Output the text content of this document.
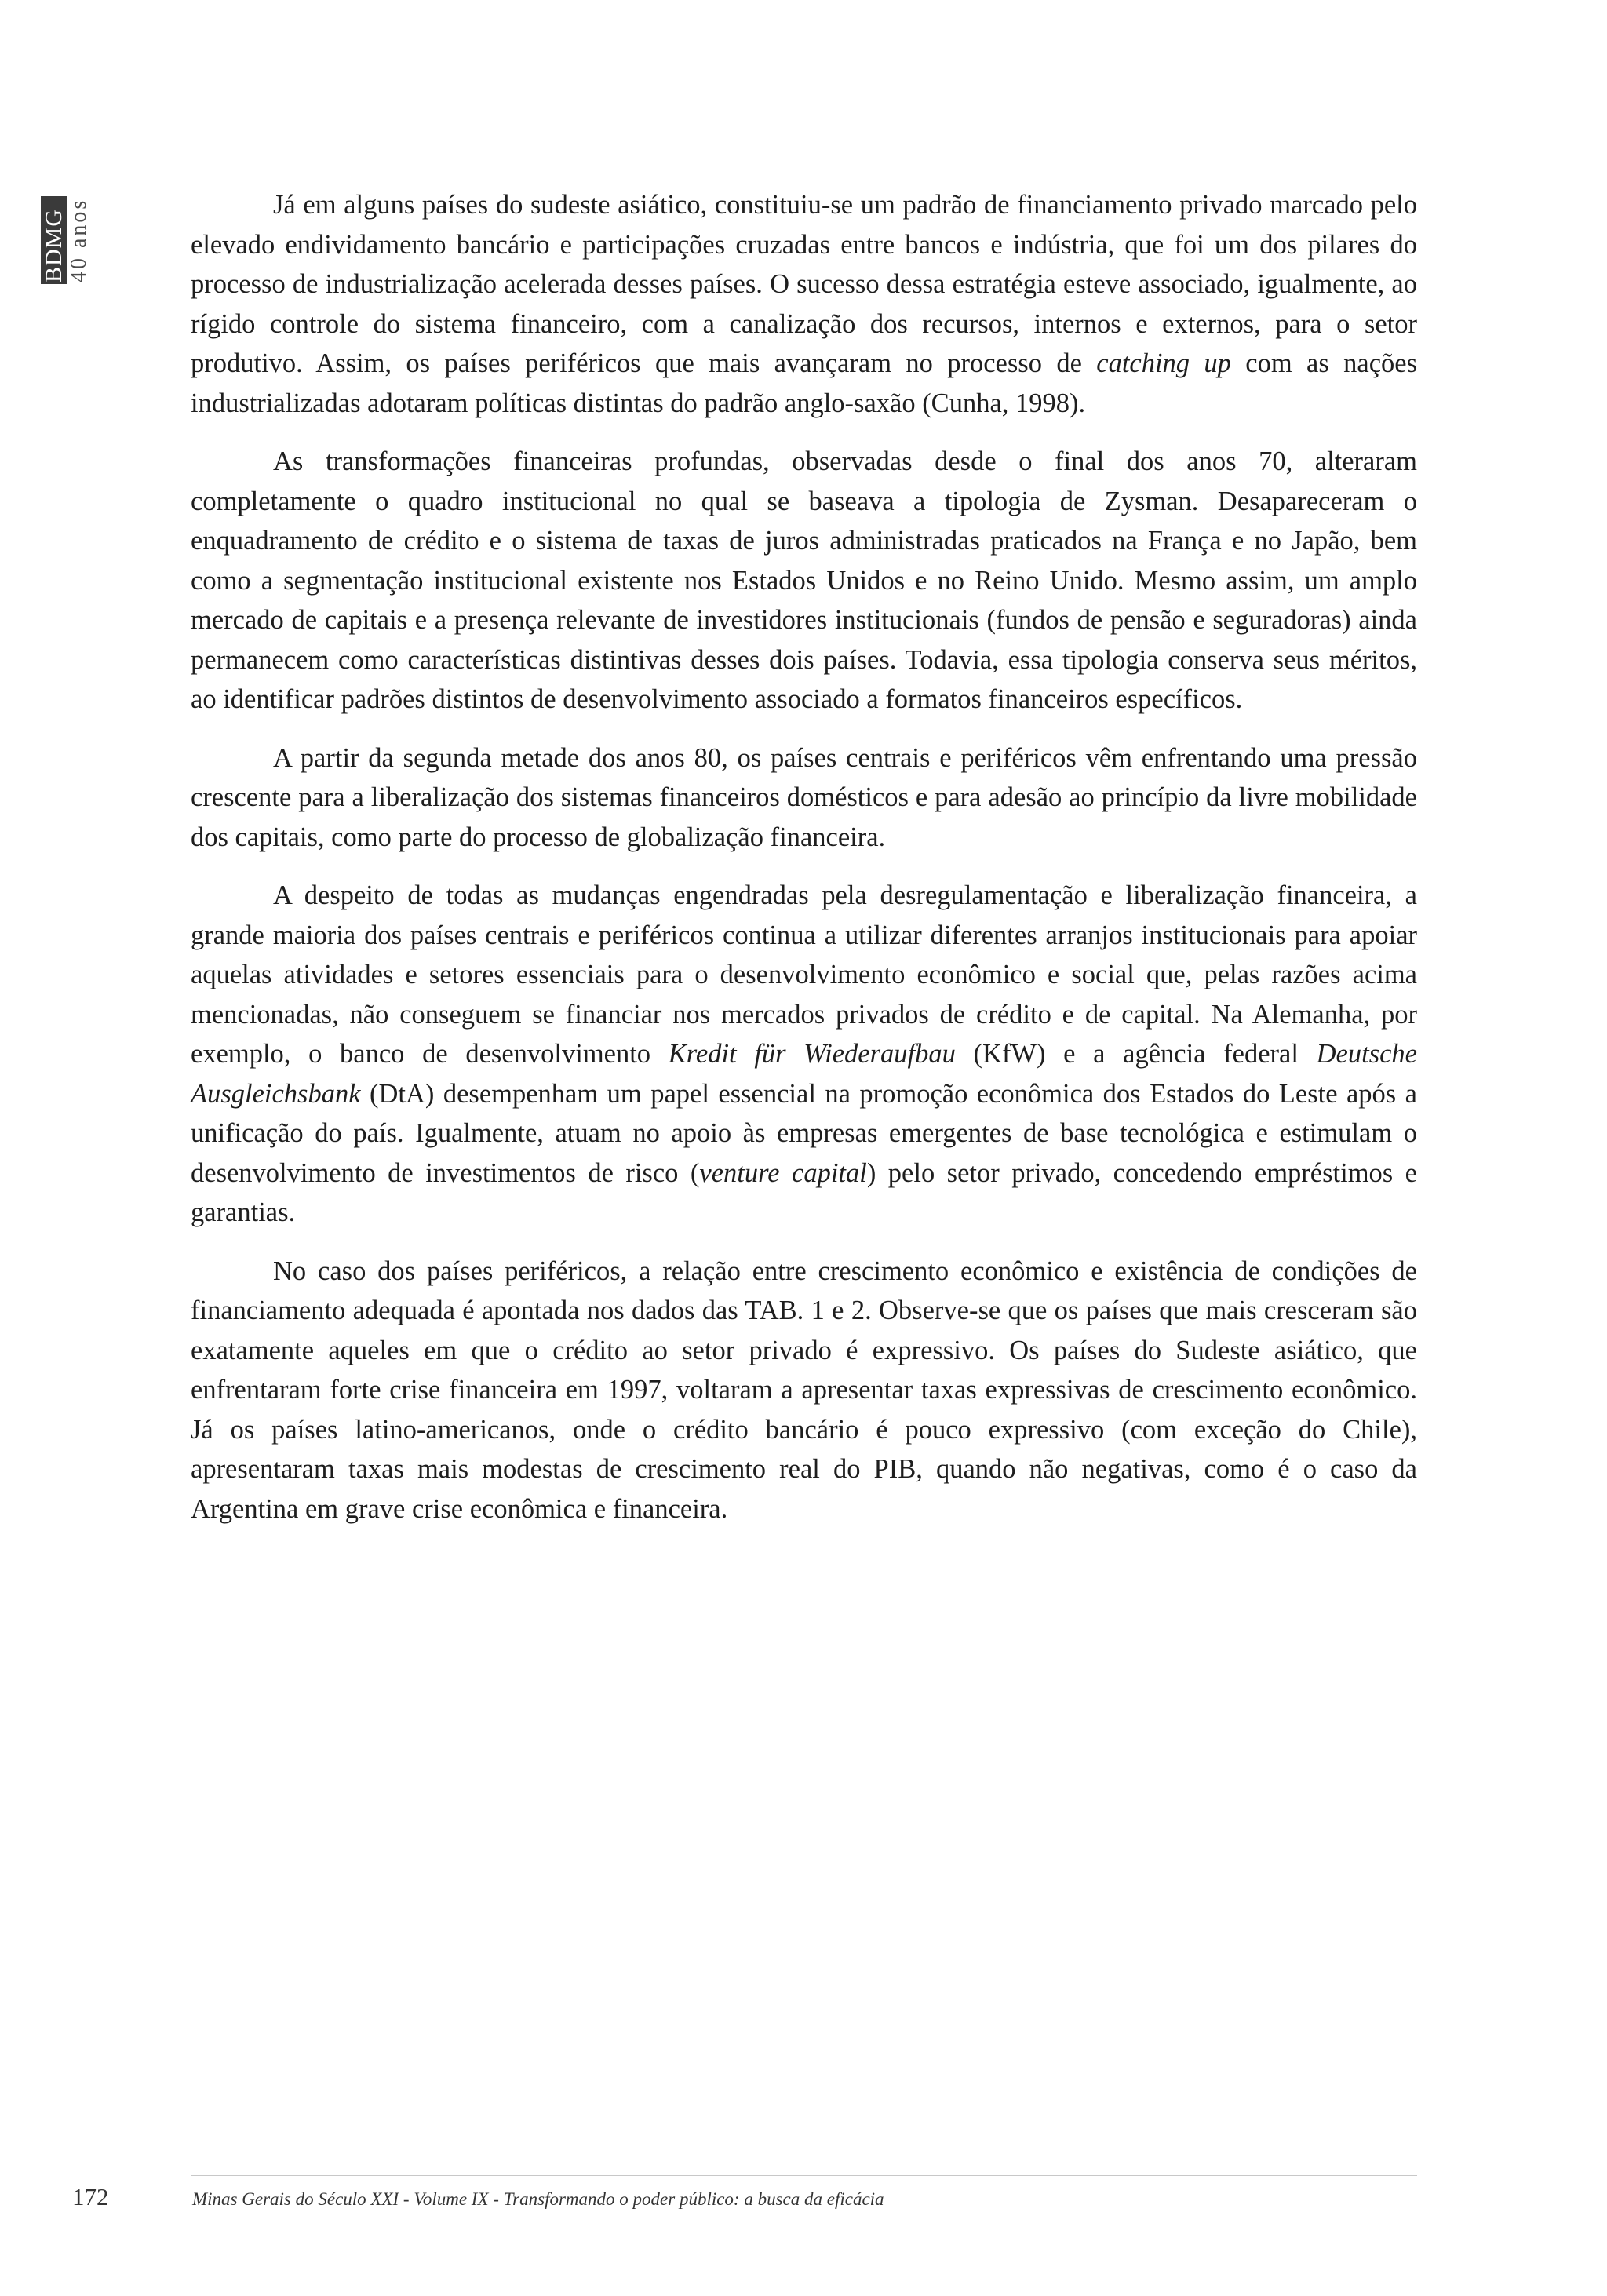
BDMG 40 anos	Já em alguns países do sudeste asiático, constituiu-se um padrão de financiamento privado marcado pelo elevado endividamento bancário e participações cruzadas entre bancos e indústria, que foi um dos pilares do processo de industrialização acelerada desses países. O sucesso dessa estratégia esteve associado, igualmente, ao rígido controle do sistema financeiro, com a canalização dos recursos, internos e externos, para o setor produtivo. Assim, os países periféricos que mais avançaram no processo de catching up com as nações industrializadas adotaram políticas distintas do padrão anglo-saxão (Cunha, 1998).

As transformações financeiras profundas, observadas desde o final dos anos 70, alteraram completamente o quadro institucional no qual se baseava a tipologia de Zysman. Desapareceram o enquadramento de crédito e o sistema de taxas de juros administradas praticados na França e no Japão, bem como a segmentação institucional existente nos Estados Unidos e no Reino Unido. Mesmo assim, um amplo mercado de capitais e a presença relevante de investidores institucionais (fundos de pensão e seguradoras) ainda permanecem como características distintivas desses dois países. Todavia, essa tipologia conserva seus méritos, ao identificar padrões distintos de desenvolvimento associado a formatos financeiros específicos.

A partir da segunda metade dos anos 80, os países centrais e periféricos vêm enfrentando uma pressão crescente para a liberalização dos sistemas financeiros domésticos e para adesão ao princípio da livre mobilidade dos capitais, como parte do processo de globalização financeira.

A despeito de todas as mudanças engendradas pela desregulamentação e liberalização financeira, a grande maioria dos países centrais e periféricos continua a utilizar diferentes arranjos institucionais para apoiar aquelas atividades e setores essenciais para o desenvolvimento econômico e social que, pelas razões acima mencionadas, não conseguem se financiar nos mercados privados de crédito e de capital. Na Alemanha, por exemplo, o banco de desenvolvimento Kredit für Wiederaufbau (KfW) e a agência federal Deutsche Ausgleichsbank (DtA) desempenham um papel essencial na promoção econômica dos Estados do Leste após a unificação do país. Igualmente, atuam no apoio às empresas emergentes de base tecnológica e estimulam o desenvolvimento de investimentos de risco (venture capital) pelo setor privado, concedendo empréstimos e garantias.

No caso dos países periféricos, a relação entre crescimento econômico e existência de condições de financiamento adequada é apontada nos dados das TAB. 1 e 2. Observe-se que os países que mais cresceram são exatamente aqueles em que o crédito ao setor privado é expressivo. Os países do Sudeste asiático, que enfrentaram forte crise financeira em 1997, voltaram a apresentar taxas expressivas de crescimento econômico. Já os países latino-americanos, onde o crédito bancário é pouco expressivo (com exceção do Chile), apresentaram taxas mais modestas de crescimento real do PIB, quando não negativas, como é o caso da Argentina em grave crise econômica e financeira.

172	Minas Gerais do Século XXI - Volume IX - Transformando o poder público: a busca da eficácia
